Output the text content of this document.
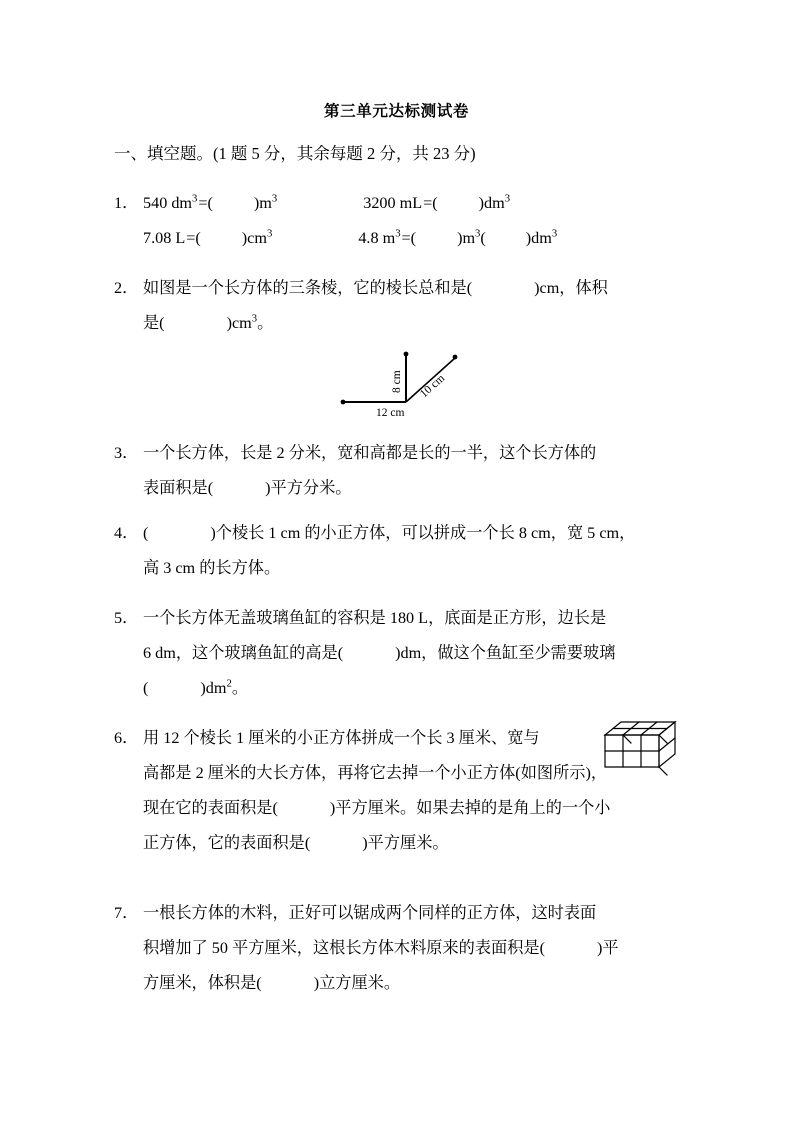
第三单元达标测试卷
一、填空题。(1 题 5 分，其余每题 2 分，共 23 分)
1． 540 $dm^3=$(	)$m^3$	3200 mL=(	)$dm^3$
7.08 L=(	)$cm^3$	4.8 $m^3=$(	)$m^3$( )$dm^3$
2． 如图是一个长方体的三条棱，它的棱长总和是(	)cm，体积
是(	)$cm^3$。
12 cm
8 cm 10 cm
3． 一个长方体，长是 2 分米，宽和高都是长的一半，这个长方体的
表面积是(	)平方分米。
4． (	)个棱长 1 cm 的小正方体，可以拼成一个长 8 cm，宽 5 cm，
高 3 cm 的长方体。
5． 一个长方体无盖玻璃鱼缸的容积是 180 L，底面是正方形，边长是
6 dm，这个玻璃鱼缸的高是(	)dm，做这个鱼缸至少需要玻璃
(	)$dm^2$。
6． 用 12 个棱长 1 厘米的小正方体拼成一个长 3 厘米、宽与
高都是 2 厘米的大长方体，再将它去掉一个小正方体(如图所示)，
现在它的表面积是(	)平方厘米。如果去掉的是角上的一个小
正方体，它的表面积是(	)平方厘米。
7． 一根长方体的木料，正好可以锯成两个同样的正方体，这时表面
积增加了 50 平方厘米，这根长方体木料原来的表面积是(	)平
方厘米，体积是(	)立方厘米。
